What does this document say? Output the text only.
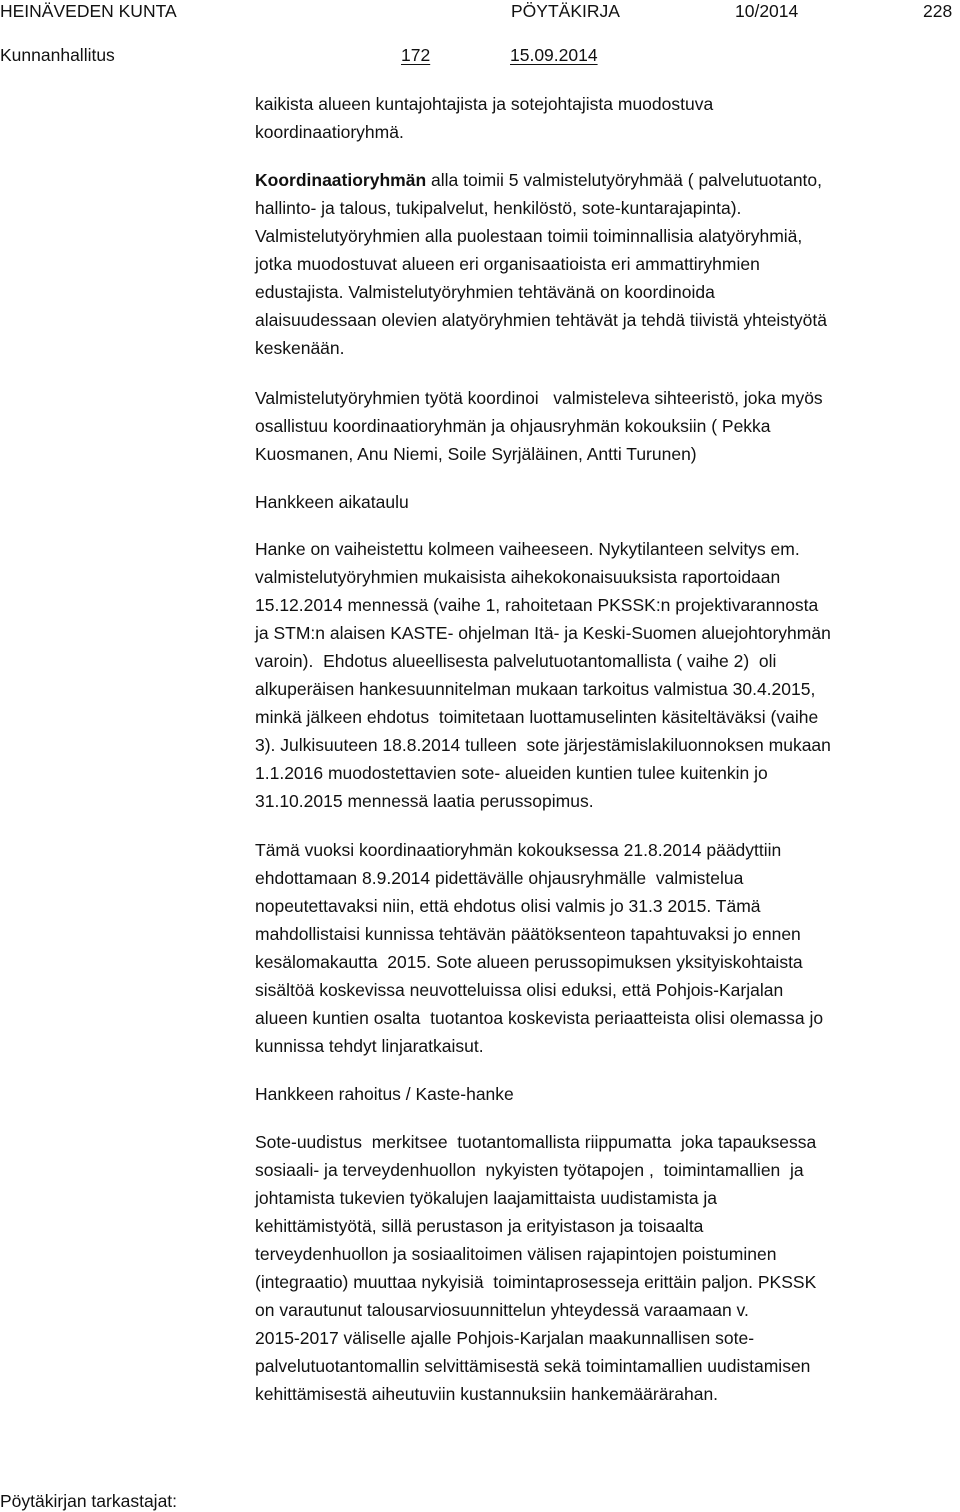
HEINÄVEDEN KUNTA	PÖYTÄKIRJA	10/2014	228
Kunnanhallitus	172	15.09.2014

kaikista alueen kuntajohtajista ja sotejohtajista muodostuva

koordinaatioryhmä.

Koordinaatioryhmän alla toimii 5 valmistelutyöryhmää ( palvelutuotanto,

hallinto- ja talous, tukipalvelut, henkilöstö, sote-kuntarajapinta).

Valmistelutyöryhmien alla puolestaan toimii toiminnallisia alatyöryhmiä,

jotka muodostuvat alueen eri organisaatioista eri ammattiryhmien

edustajista. Valmistelutyöryhmien tehtävänä on koordinoida

alaisuudessaan olevien alatyöryhmien tehtävät ja tehdä tiivistä yhteistyötä

keskenään.

Valmistelutyöryhmien työtä koordinoi   valmisteleva sihteeristö, joka myös

osallistuu koordinaatioryhmän ja ohjausryhmän kokouksiin ( Pekka

Kuosmanen, Anu Niemi, Soile Syrjäläinen, Antti Turunen)

Hankkeen aikataulu

Hanke on vaiheistettu kolmeen vaiheeseen. Nykytilanteen selvitys em.

valmistelutyöryhmien mukaisista aihekokonaisuuksista raportoidaan

15.12.2014 mennessä (vaihe 1, rahoitetaan PKSSK:n projektivarannosta

ja STM:n alaisen KASTE- ohjelman Itä- ja Keski-Suomen aluejohtoryhmän

varoin).  Ehdotus alueellisesta palvelutuotantomallista ( vaihe 2)  oli

alkuperäisen hankesuunnitelman mukaan tarkoitus valmistua 30.4.2015,

minkä jälkeen ehdotus  toimitetaan luottamuselinten käsiteltäväksi (vaihe

3). Julkisuuteen 18.8.2014 tulleen  sote järjestämislakiluonnoksen mukaan

1.1.2016 muodostettavien sote- alueiden kuntien tulee kuitenkin jo

31.10.2015 mennessä laatia perussopimus.

Tämä vuoksi koordinaatioryhmän kokouksessa 21.8.2014 päädyttiin

ehdottamaan 8.9.2014 pidettävälle ohjausryhmälle  valmistelua

nopeutettavaksi niin, että ehdotus olisi valmis jo 31.3 2015. Tämä

mahdollistaisi kunnissa tehtävän päätöksenteon tapahtuvaksi jo ennen

kesälomakautta  2015. Sote alueen perussopimuksen yksityiskohtaista

sisältöä koskevissa neuvotteluissa olisi eduksi, että Pohjois-Karjalan

alueen kuntien osalta  tuotantoa koskevista periaatteista olisi olemassa jo

kunnissa tehdyt linjaratkaisut.

Hankkeen rahoitus / Kaste-hanke

Sote-uudistus  merkitsee  tuotantomallista riippumatta  joka tapauksessa

sosiaali- ja terveydenhuollon  nykyisten työtapojen ,  toimintamallien  ja

johtamista tukevien työkalujen laajamittaista uudistamista ja

kehittämistyötä, sillä perustason ja erityistason ja toisaalta

terveydenhuollon ja sosiaalitoimen välisen rajapintojen poistuminen

(integraatio) muuttaa nykyisiä  toimintaprosesseja erittäin paljon. PKSSK

on varautunut talousarviosuunnittelun yhteydessä varaamaan v.

2015-2017 väliselle ajalle Pohjois-Karjalan maakunnallisen sote-

palvelutuotantomallin selvittämisestä sekä toimintamallien uudistamisen

kehittämisestä aiheutuviin kustannuksiin hankemäärärahan.

Pöytäkirjan tarkastajat:
